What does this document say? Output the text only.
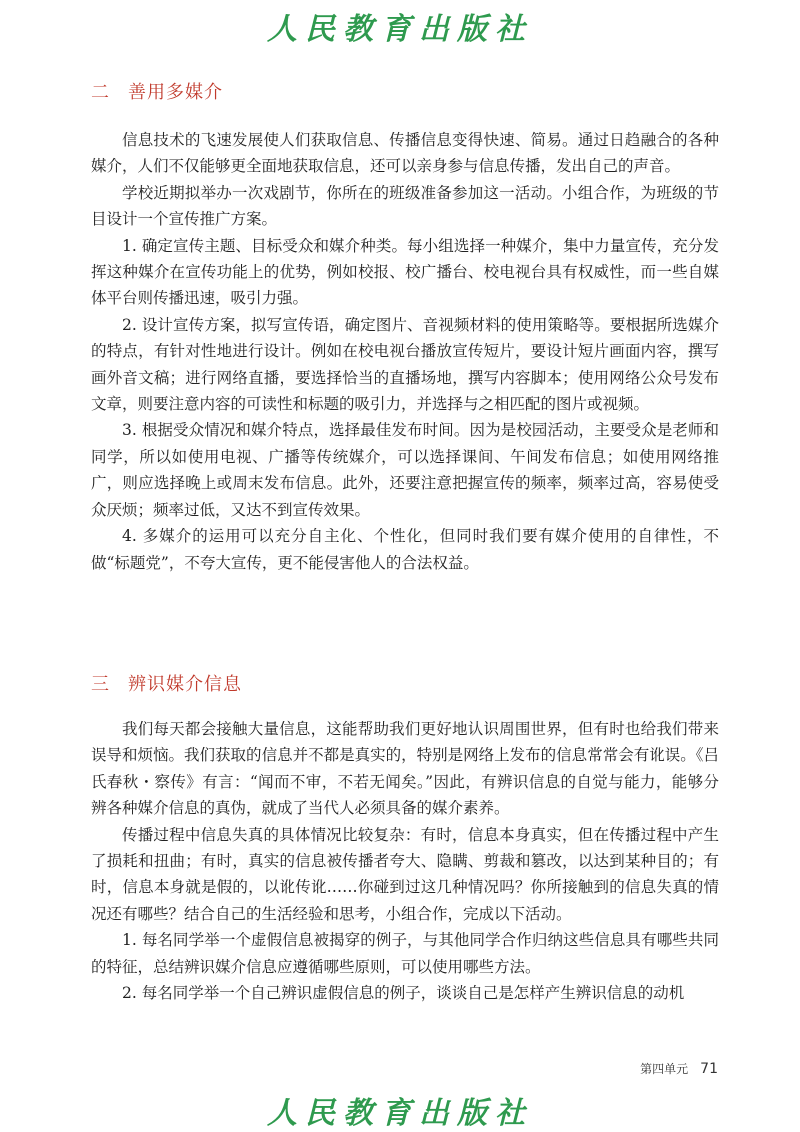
人民教育出版社
二 善用多媒介

信息技术的飞速发展使人们获取信息、传播信息变得快速、简易。通过日趋融合的各种媒介，人们不仅能够更全面地获取信息，还可以亲身参与信息传播，发出自己的声音。

学校近期拟举办一次戏剧节，你所在的班级准备参加这一活动。小组合作，为班级的节目设计一个宣传推广方案。

1. 确定宣传主题、目标受众和媒介种类。每小组选择一种媒介，集中力量宣传，充分发挥这种媒介在宣传功能上的优势，例如校报、校广播台、校电视台具有权威性，而一些自媒体平台则传播迅速，吸引力强。

2. 设计宣传方案，拟写宣传语，确定图片、音视频材料的使用策略等。要根据所选媒介的特点，有针对性地进行设计。例如在校电视台播放宣传短片，要设计短片画面内容，撰写画外音文稿；进行网络直播，要选择恰当的直播场地，撰写内容脚本；使用网络公众号发布文章，则要注意内容的可读性和标题的吸引力，并选择与之相匹配的图片或视频。

3. 根据受众情况和媒介特点，选择最佳发布时间。因为是校园活动，主要受众是老师和同学，所以如使用电视、广播等传统媒介，可以选择课间、午间发布信息；如使用网络推广，则应选择晚上或周末发布信息。此外，还要注意把握宣传的频率，频率过高，容易使受众厌烦；频率过低，又达不到宣传效果。

4. 多媒介的运用可以充分自主化、个性化，但同时我们要有媒介使用的自律性，不做“标题党”，不夸大宣传，更不能侵害他人的合法权益。

三 辨识媒介信息

我们每天都会接触大量信息，这能帮助我们更好地认识周围世界，但有时也给我们带来误导和烦恼。我们获取的信息并不都是真实的，特别是网络上发布的信息常常会有讹误。《吕氏春秋・察传》有言：“闻而不审，不若无闻矣。”因此，有辨识信息的自觉与能力，能够分辨各种媒介信息的真伪，就成了当代人必须具备的媒介素养。

传播过程中信息失真的具体情况比较复杂：有时，信息本身真实，但在传播过程中产生了损耗和扭曲；有时，真实的信息被传播者夸大、隐瞒、剪裁和篡改，以达到某种目的；有时，信息本身就是假的，以讹传讹……你碰到过这几种情况吗？你所接触到的信息失真的情况还有哪些？结合自己的生活经验和思考，小组合作，完成以下活动。

1. 每名同学举一个虚假信息被揭穿的例子，与其他同学合作归纳这些信息具有哪些共同的特征，总结辨识媒介信息应遵循哪些原则，可以使用哪些方法。

2. 每名同学举一个自己辨识虚假信息的例子，谈谈自己是怎样产生辨识信息的动机

第四单元 71
人民教育出版社
